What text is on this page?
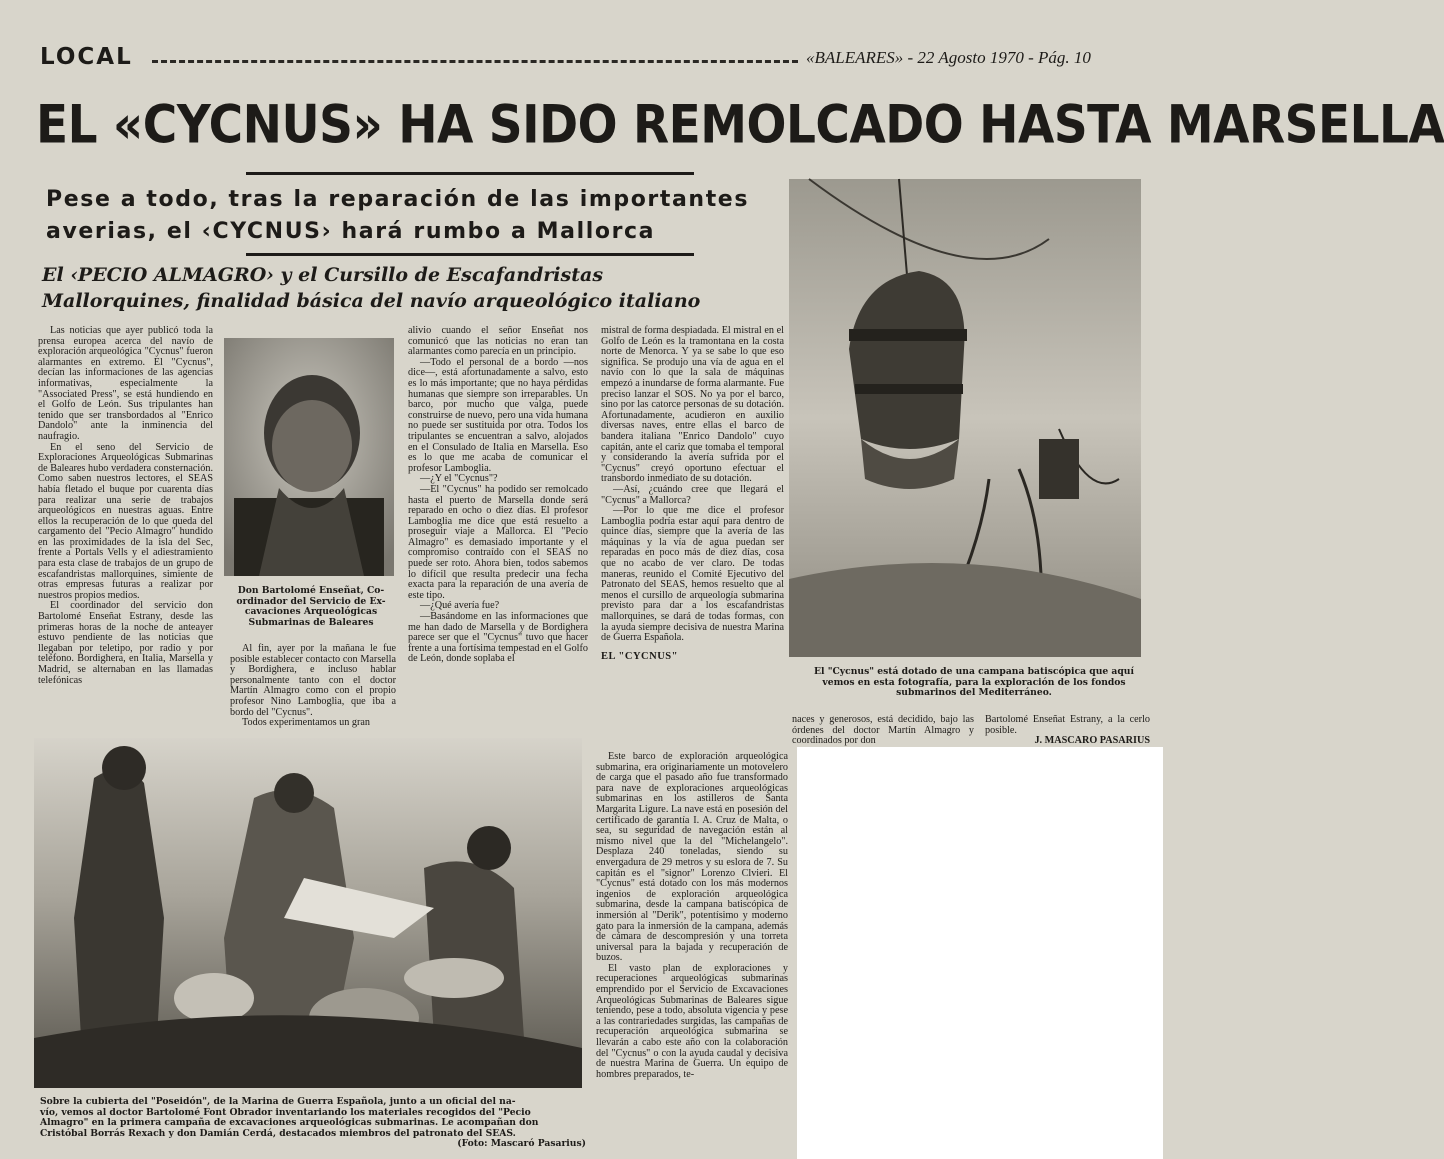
LOCAL	«BALEARES» - 22 Agosto 1970 - Pág. 10
EL «CYCNUS» HA SIDO REMOLCADO HASTA MARSELLA
Pese a todo, tras la reparación de las importantes
averias, el ‹CYCNUS› hará rumbo a Mallorca
El ‹PECIO ALMAGRO› y el Cursillo de Escafandristas
Mallorquines, finalidad básica del navío arqueológico italiano
Don Bartolomé Enseñat, Co-
ordinador del Servicio de Ex-
cavaciones Arqueológicas
Submarinas de Baleares

Las noticias que ayer publicó toda la prensa europea acerca del navío de exploración arqueológica "Cycnus" fueron alarmantes en extremo. El "Cycnus", decían las informaciones de las agencias informativas, especialmente la "Associated Press", se está hundiendo en el Golfo de León. Sus tripulantes han tenido que ser transbordados al "Enrico Dandolo" ante la inminencia del naufragio.

En el seno del Servicio de Exploraciones Arqueológicas Submarinas de Baleares hubo verdadera consternación. Como saben nuestros lectores, el SEAS había fletado el buque por cuarenta días para realizar una serie de trabajos arqueológicos en nuestras aguas. Entre ellos la recuperación de lo que queda del cargamento del "Pecio Almagro" hundido en las proximidades de la isla del Sec, frente a Portals Vells y el adiestramiento para esta clase de trabajos de un grupo de escafandristas mallorquines, simiente de otras empresas futuras a realizar por nuestros propios medios.

El coordinador del servicio don Bartolomé Enseñat Estrany, desde las primeras horas de la noche de anteayer estuvo pendiente de las noticias que llegaban por teletipo, por radio y por teléfono. Bordighera, en Italia, Marsella y Madrid, se alternaban en las llamadas telefónicas

Al fin, ayer por la mañana le fue posible establecer contacto con Marsella y Bordighera, e incluso hablar personalmente tanto con el doctor Martín Almagro como con el propio profesor Nino Lamboglia, que iba a bordo del "Cycnus".

Todos experimentamos un gran

alivio cuando el señor Enseñat nos comunicó que las noticias no eran tan alarmantes como parecía en un principio.

—Todo el personal de a bordo —nos dice—, está afortunadamente a salvo, esto es lo más importante; que no haya pérdidas humanas que siempre son irreparables. Un barco, por mucho que valga, puede construirse de nuevo, pero una vida humana no puede ser sustituida por otra. Todos los tripulantes se encuentran a salvo, alojados en el Consulado de Italia en Marsella. Eso es lo que me acaba de comunicar el profesor Lamboglia.

—¿Y el "Cycnus"?

—El "Cycnus" ha podido ser remolcado hasta el puerto de Marsella donde será reparado en ocho o diez días. El profesor Lamboglia me dice que está resuelto a proseguir viaje a Mallorca. El "Pecio Almagro" es demasiado importante y el compromiso contraído con el SEAS no puede ser roto. Ahora bien, todos sabemos lo difícil que resulta predecir una fecha exacta para la reparación de una avería de este tipo.

—¿Qué avería fue?

—Basándome en las informaciones que me han dado de Marsella y de Bordighera parece ser que el "Cycnus" tuvo que hacer frente a una fortísima tempestad en el Golfo de León, donde soplaba el

mistral de forma despiadada. El mistral en el Golfo de León es la tramontana en la costa norte de Menorca. Y ya se sabe lo que eso significa. Se produjo una vía de agua en el navío con lo que la sala de máquinas empezó a inundarse de forma alarmante. Fue preciso lanzar el SOS. No ya por el barco, sino por las catorce personas de su dotación. Afortunadamente, acudieron en auxilio diversas naves, entre ellas el barco de bandera italiana "Enrico Dandolo" cuyo capitán, ante el cariz que tomaba el temporal y considerando la avería sufrida por el "Cycnus" creyó oportuno efectuar el transbordo inmediato de su dotación.

—Así, ¿cuándo cree que llegará el "Cycnus" a Mallorca?

—Por lo que me dice el profesor Lamboglia podría estar aquí para dentro de quince días, siempre que la avería de las máquinas y la vía de agua puedan ser reparadas en poco más de diez días, cosa que no acabo de ver claro. De todas maneras, reunido el Comité Ejecutivo del Patronato del SEAS, hemos resuelto que al menos el cursillo de arqueología submarina previsto para dar a los escafandristas mallorquines, se dará de todas formas, con la ayuda siempre decisiva de nuestra Marina de Guerra Española.

EL "CYCNUS"

Este barco de exploración arqueológica submarina, era originariamente un motovelero de carga que el pasado año fue transformado para nave de exploraciones arqueológicas submarinas en los astilleros de Santa Margarita Ligure. La nave está en posesión del certificado de garantía I. A. Cruz de Malta, o sea, su seguridad de navegación están al mismo nivel que la del "Michelangelo". Desplaza 240 toneladas, siendo su envergadura de 29 metros y su eslora de 7. Su capitán es el "signor" Lorenzo Clvieri. El "Cycnus" está dotado con los más modernos ingenios de exploración arqueológica submarina, desde la campana batiscópica de inmersión al "Derik", potentísimo y moderno gato para la inmersión de la campana, además de cámara de descompresión y una torreta universal para la bajada y recuperación de buzos.

El vasto plan de exploraciones y recuperaciones arqueológicas submarinas emprendido por el Servicio de Excavaciones Arqueológicas Submarinas de Baleares sigue teniendo, pese a todo, absoluta vigencia y pese a las contrariedades surgidas, las campañas de recuperación arqueológica submarina se llevarán a cabo este año con la colaboración del "Cycnus" o con la ayuda caudal y decisiva de nuestra Marina de Guerra. Un equipo de hombres preparados, te-

El "Cycnus" está dotado de una campana batiscópica que aquí
vemos en esta fotografía, para la exploración de los fondos
submarinos del Mediterráneo.

naces y generosos, está decidido, bajo las órdenes del doctor Martín Almagro y coordinados por don

Bartolomé Enseñat Estrany, a la cerlo posible.

J. MASCARO PASARIUS

Sobre la cubierta del "Poseidón", de la Marina de Guerra Española, junto a un oficial del na-
vío, vemos al doctor Bartolomé Font Obrador inventariando los materiales recogidos del "Pecio
Almagro" en la primera campaña de excavaciones arqueológicas submarinas. Le acompañan don
Cristóbal Borrás Rexach y don Damián Cerdá, destacados miembros del patronato del SEAS.
(Foto: Mascaró Pasarius)
